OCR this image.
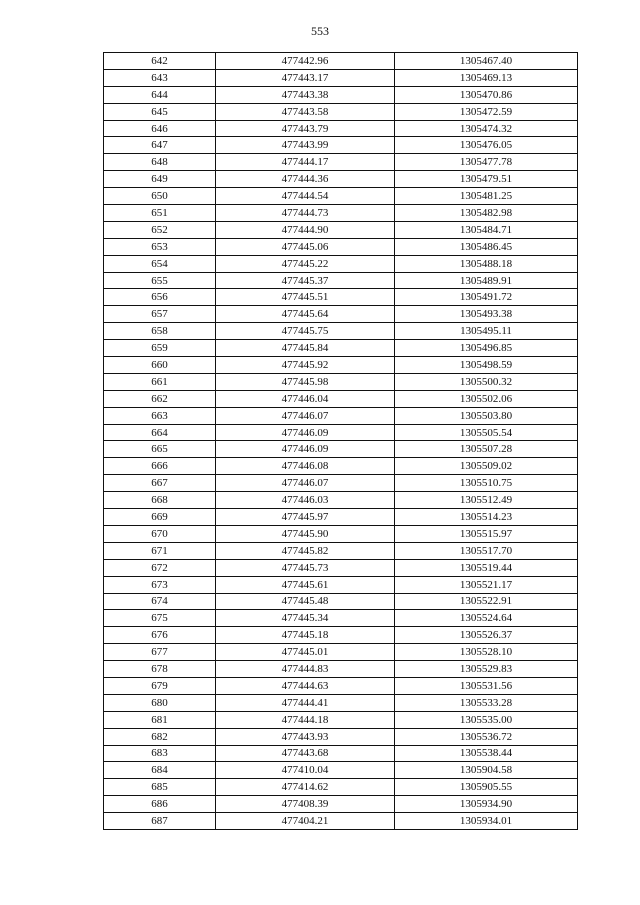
553
642	477442.96	1305467.40
643	477443.17	1305469.13
644	477443.38	1305470.86
645	477443.58	1305472.59
646	477443.79	1305474.32
647	477443.99	1305476.05
648	477444.17	1305477.78
649	477444.36	1305479.51
650	477444.54	1305481.25
651	477444.73	1305482.98
652	477444.90	1305484.71
653	477445.06	1305486.45
654	477445.22	1305488.18
655	477445.37	1305489.91
656	477445.51	1305491.72
657	477445.64	1305493.38
658	477445.75	1305495.11
659	477445.84	1305496.85
660	477445.92	1305498.59
661	477445.98	1305500.32
662	477446.04	1305502.06
663	477446.07	1305503.80
664	477446.09	1305505.54
665	477446.09	1305507.28
666	477446.08	1305509.02
667	477446.07	1305510.75
668	477446.03	1305512.49
669	477445.97	1305514.23
670	477445.90	1305515.97
671	477445.82	1305517.70
672	477445.73	1305519.44
673	477445.61	1305521.17
674	477445.48	1305522.91
675	477445.34	1305524.64
676	477445.18	1305526.37
677	477445.01	1305528.10
678	477444.83	1305529.83
679	477444.63	1305531.56
680	477444.41	1305533.28
681	477444.18	1305535.00
682	477443.93	1305536.72
683	477443.68	1305538.44
684	477410.04	1305904.58
685	477414.62	1305905.55
686	477408.39	1305934.90
687	477404.21	1305934.01
